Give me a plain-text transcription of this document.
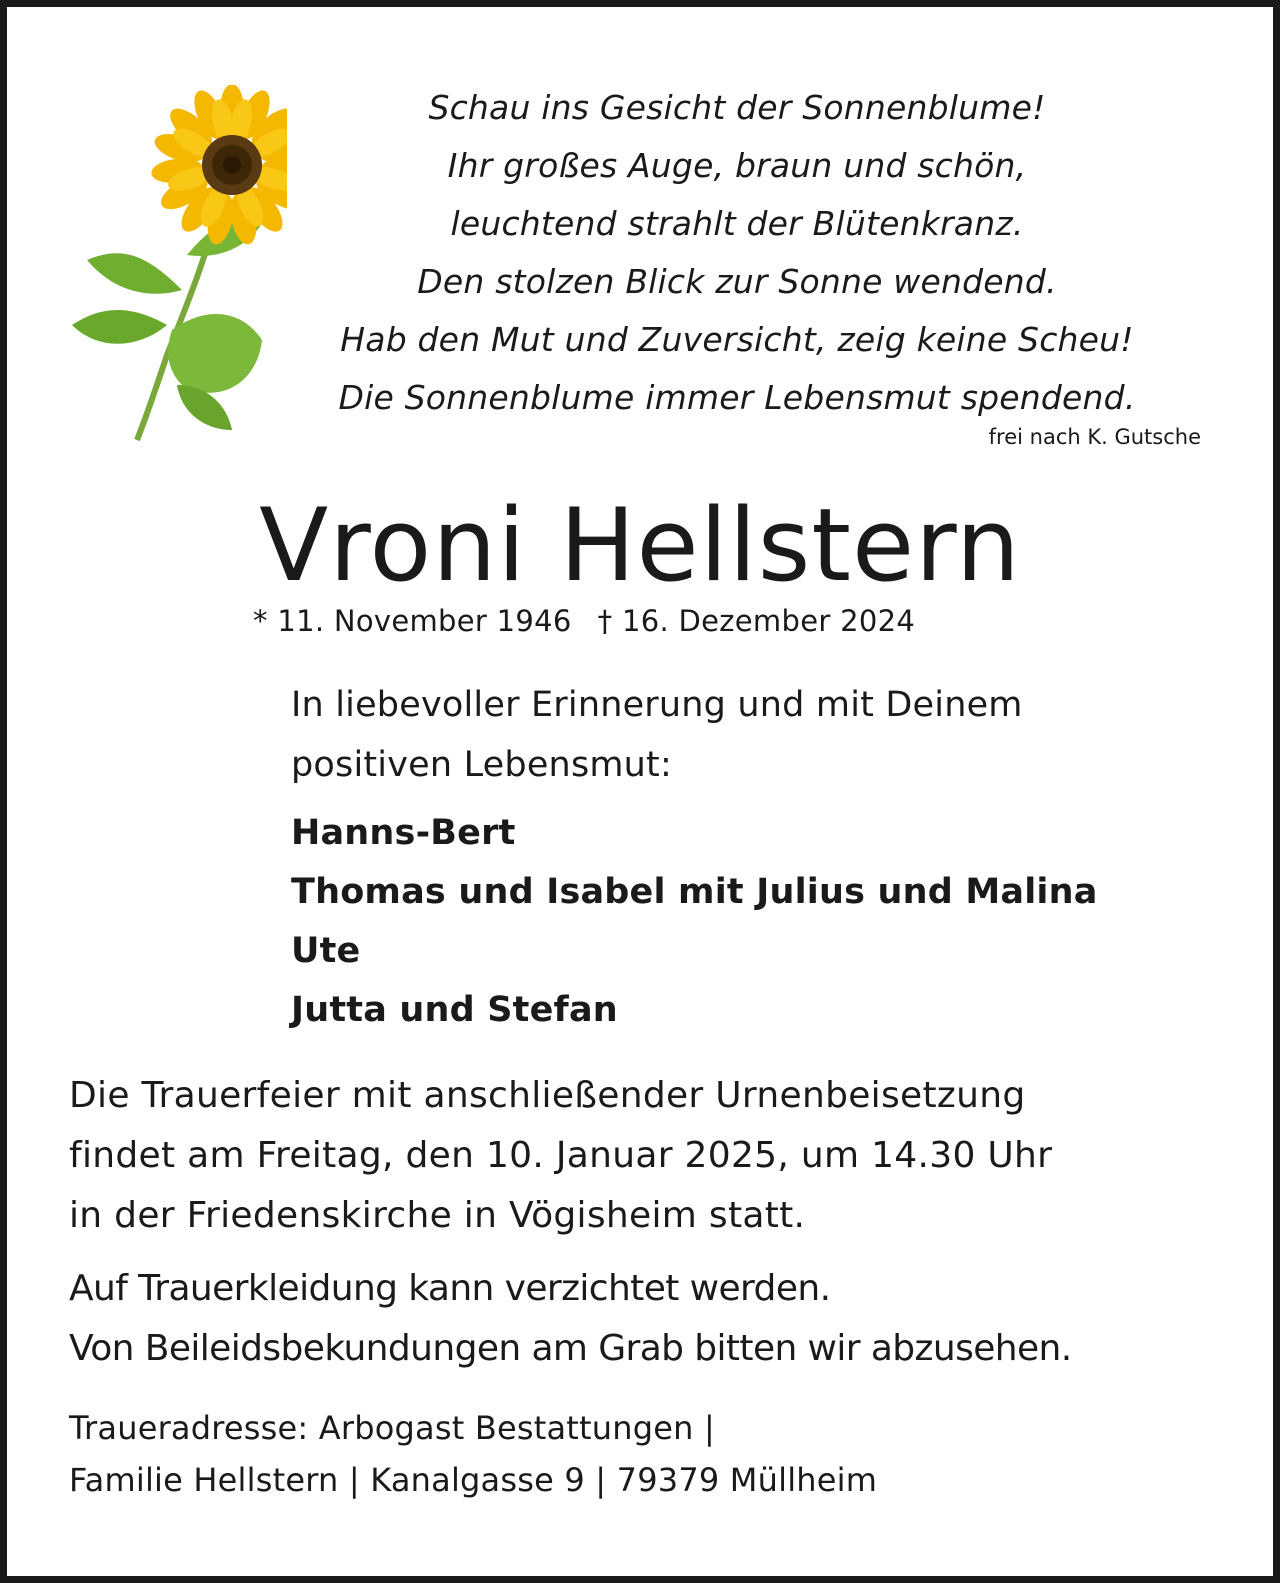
Schau ins Gesicht der Sonnenblume!
Ihr großes Auge, braun und schön,
leuchtend strahlt der Blütenkranz.
Den stolzen Blick zur Sonne wendend.
Hab den Mut und Zuversicht, zeig keine Scheu!
Die Sonnenblume immer Lebensmut spendend.
frei nach K. Gutsche
Vroni Hellstern
* 11. November 1946 † 16. Dezember 2024
In liebevoller Erinnerung und mit Deinem positiven Lebensmut:
Hanns-Bert
Thomas und Isabel mit Julius und Malina
Ute
Jutta und Stefan
Die Trauerfeier mit anschließender Urnenbeisetzung
findet am Freitag, den 10. Januar 2025, um 14.30 Uhr
in der Friedenskirche in Vögisheim statt.
Auf Trauerkleidung kann verzichtet werden.
Von Beileidsbekundungen am Grab bitten wir abzusehen.
Traueradresse: Arbogast Bestattungen |
Familie Hellstern | Kanalgasse 9 | 79379 Müllheim
